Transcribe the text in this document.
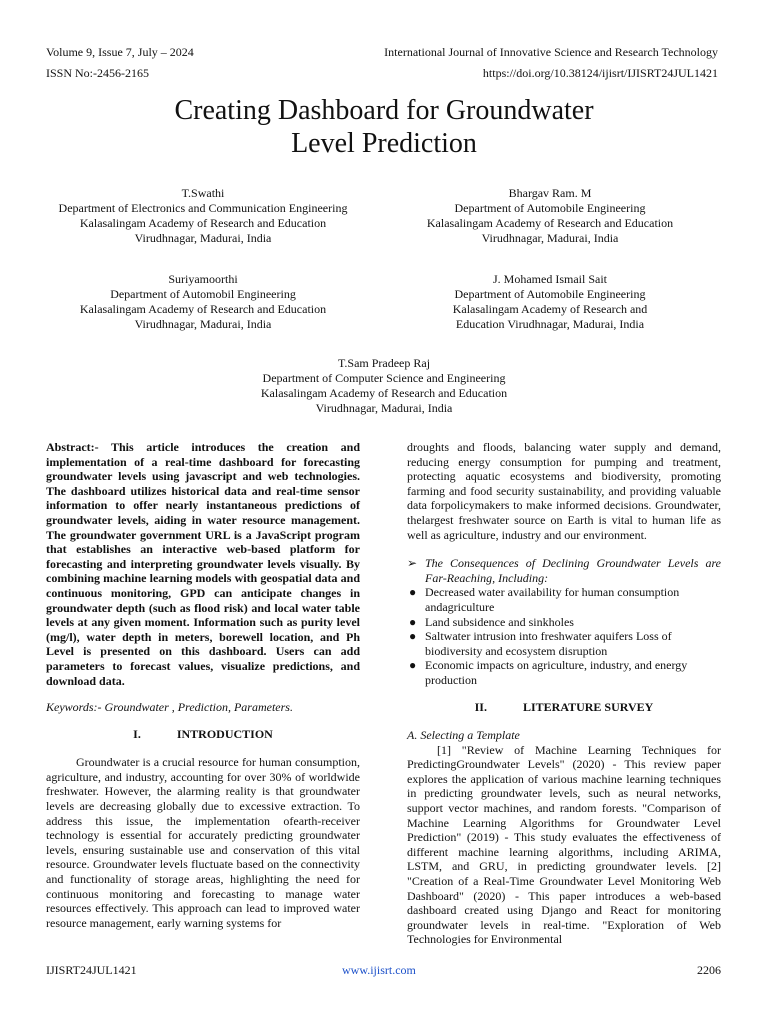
Volume 9, Issue 7, July – 2024	International Journal of Innovative Science and Research Technology
ISSN No:-2456-2165	https://doi.org/10.38124/ijisrt/IJISRT24JUL1421
Creating Dashboard for Groundwater
Level Prediction
T.Swathi
Department of Electronics and Communication Engineering
Kalasalingam Academy of Research and Education
Virudhnagar, Madurai, India
Bhargav Ram. M
Department of Automobile Engineering
Kalasalingam Academy of Research and Education
Virudhnagar, Madurai, India
Suriyamoorthi
Department of Automobil Engineering
Kalasalingam Academy of Research and Education
Virudhnagar, Madurai, India
J. Mohamed Ismail Sait
Department of Automobile Engineering
Kalasalingam Academy of Research and
Education Virudhnagar, Madurai, India
T.Sam Pradeep Raj
Department of Computer Science and Engineering
Kalasalingam Academy of Research and Education
Virudhnagar, Madurai, India

Abstract:- This article introduces the creation and implementation of a real-time dashboard for forecasting groundwater levels using javascript and web technologies. The dashboard utilizes historical data and real-time sensor information to offer nearly instantaneous predictions of groundwater levels, aiding in water resource management. The groundwater government URL is a JavaScript program that establishes an interactive web-based platform for forecasting and interpreting groundwater levels visually. By combining machine learning models with geospatial data and continuous monitoring, GPD can anticipate changes in groundwater depth (such as flood risk) and local water table levels at any given moment. Information such as purity level (mg/l), water depth in meters, borewell location, and Ph Level is presented on this dashboard. Users can add parameters to forecast values, visualize predictions, and download data.

Keywords:- Groundwater , Prediction, Parameters.

I.	INTRODUCTION

Groundwater is a crucial resource for human consumption, agriculture, and industry, accounting for over 30% of worldwide freshwater. However, the alarming reality is that groundwater levels are decreasing globally due to excessive extraction. To address this issue, the implementation ofearth-receiver technology is essential for accurately predicting groundwater levels, ensuring sustainable use and conservation of this vital resource. Groundwater levels fluctuate based on the connectivity and functionality of storage areas, highlighting the need for continuous monitoring and forecasting to manage water resources effectively. This approach can lead to improved water resource management, early warning systems for

droughts and floods, balancing water supply and demand, reducing energy consumption for pumping and treatment, protecting aquatic ecosystems and biodiversity, promoting farming and food security sustainability, and providing valuable data forpolicymakers to make informed decisions. Groundwater, thelargest freshwater source on Earth is vital to human life as well as agriculture, industry and our environment.

➢ The Consequences of Declining Groundwater Levels are Far-Reaching, Including:

● Decreased water availability for human consumption andagriculture
● Land subsidence and sinkholes
● Saltwater intrusion into freshwater aquifers Loss of biodiversity and ecosystem disruption
● Economic impacts on agriculture, industry, and energy production

II.	LITERATURE SURVEY

A. Selecting a Template

[1] "Review of Machine Learning Techniques for PredictingGroundwater Levels" (2020) - This review paper explores the application of various machine learning techniques in predicting groundwater levels, such as neural networks, support vector machines, and random forests. "Comparison of Machine Learning Algorithms for Groundwater Level Prediction" (2019) - This study evaluates the effectiveness of different machine learning algorithms, including ARIMA, LSTM, and GRU, in predicting groundwater levels. [2] "Creation of a Real-Time Groundwater Level Monitoring Web Dashboard" (2020) - This paper introduces a web-based dashboard created using Django and React for monitoring groundwater levels in real-time. "Exploration of Web Technologies for Environmental

IJISRT24JUL1421	www.ijisrt.com	2206
